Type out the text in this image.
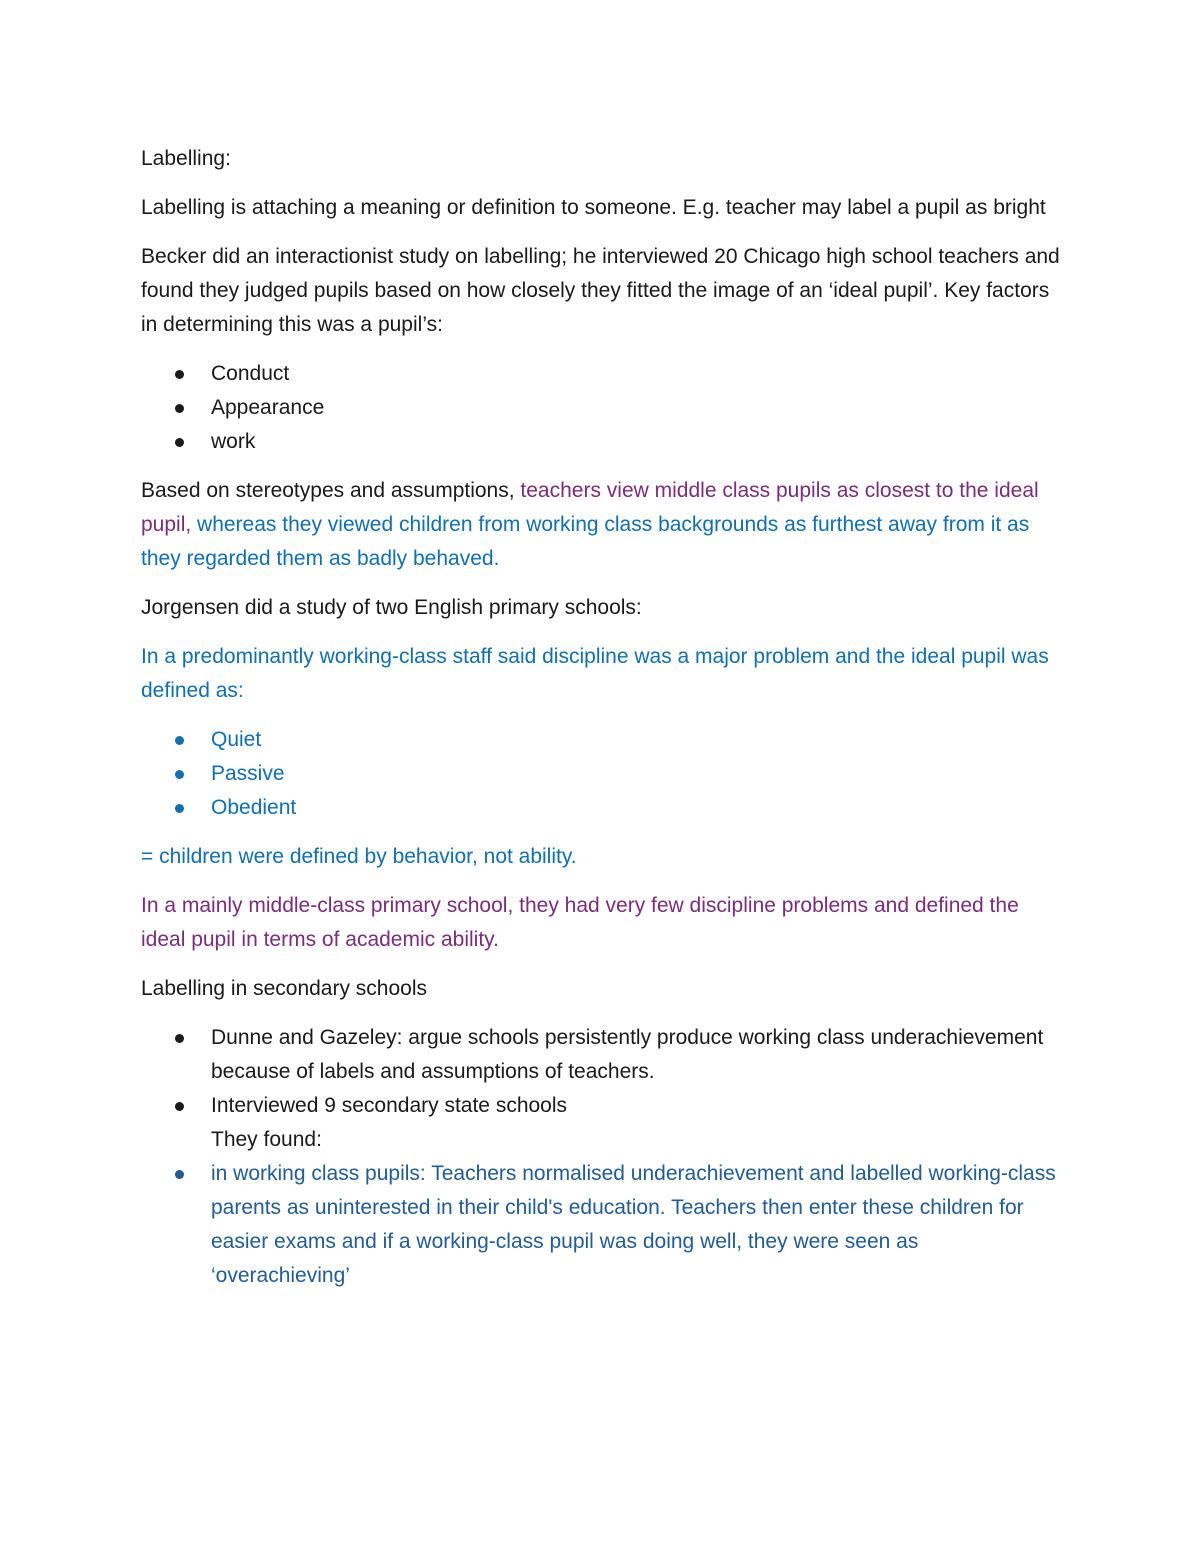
Labelling:

Labelling is attaching a meaning or definition to someone. E.g. teacher may label a pupil as bright

Becker did an interactionist study on labelling; he interviewed 20 Chicago high school teachers and found they judged pupils based on how closely they fitted the image of an ‘ideal pupil’. Key factors in determining this was a pupil’s:

Conduct
Appearance
work

Based on stereotypes and assumptions, teachers view middle class pupils as closest to the ideal pupil, whereas they viewed children from working class backgrounds as furthest away from it as they regarded them as badly behaved.

Jorgensen did a study of two English primary schools:

In a predominantly working-class staff said discipline was a major problem and the ideal pupil was defined as:

Quiet
Passive
Obedient

= children were defined by behavior, not ability.

In a mainly middle-class primary school, they had very few discipline problems and defined the ideal pupil in terms of academic ability.

Labelling in secondary schools

Dunne and Gazeley: argue schools persistently produce working class underachievement because of labels and assumptions of teachers.
Interviewed 9 secondary state schools
They found:
in working class pupils: Teachers normalised underachievement and labelled working-class parents as uninterested in their child's education. Teachers then enter these children for easier exams and if a working-class pupil was doing well, they were seen as ‘overachieving’
